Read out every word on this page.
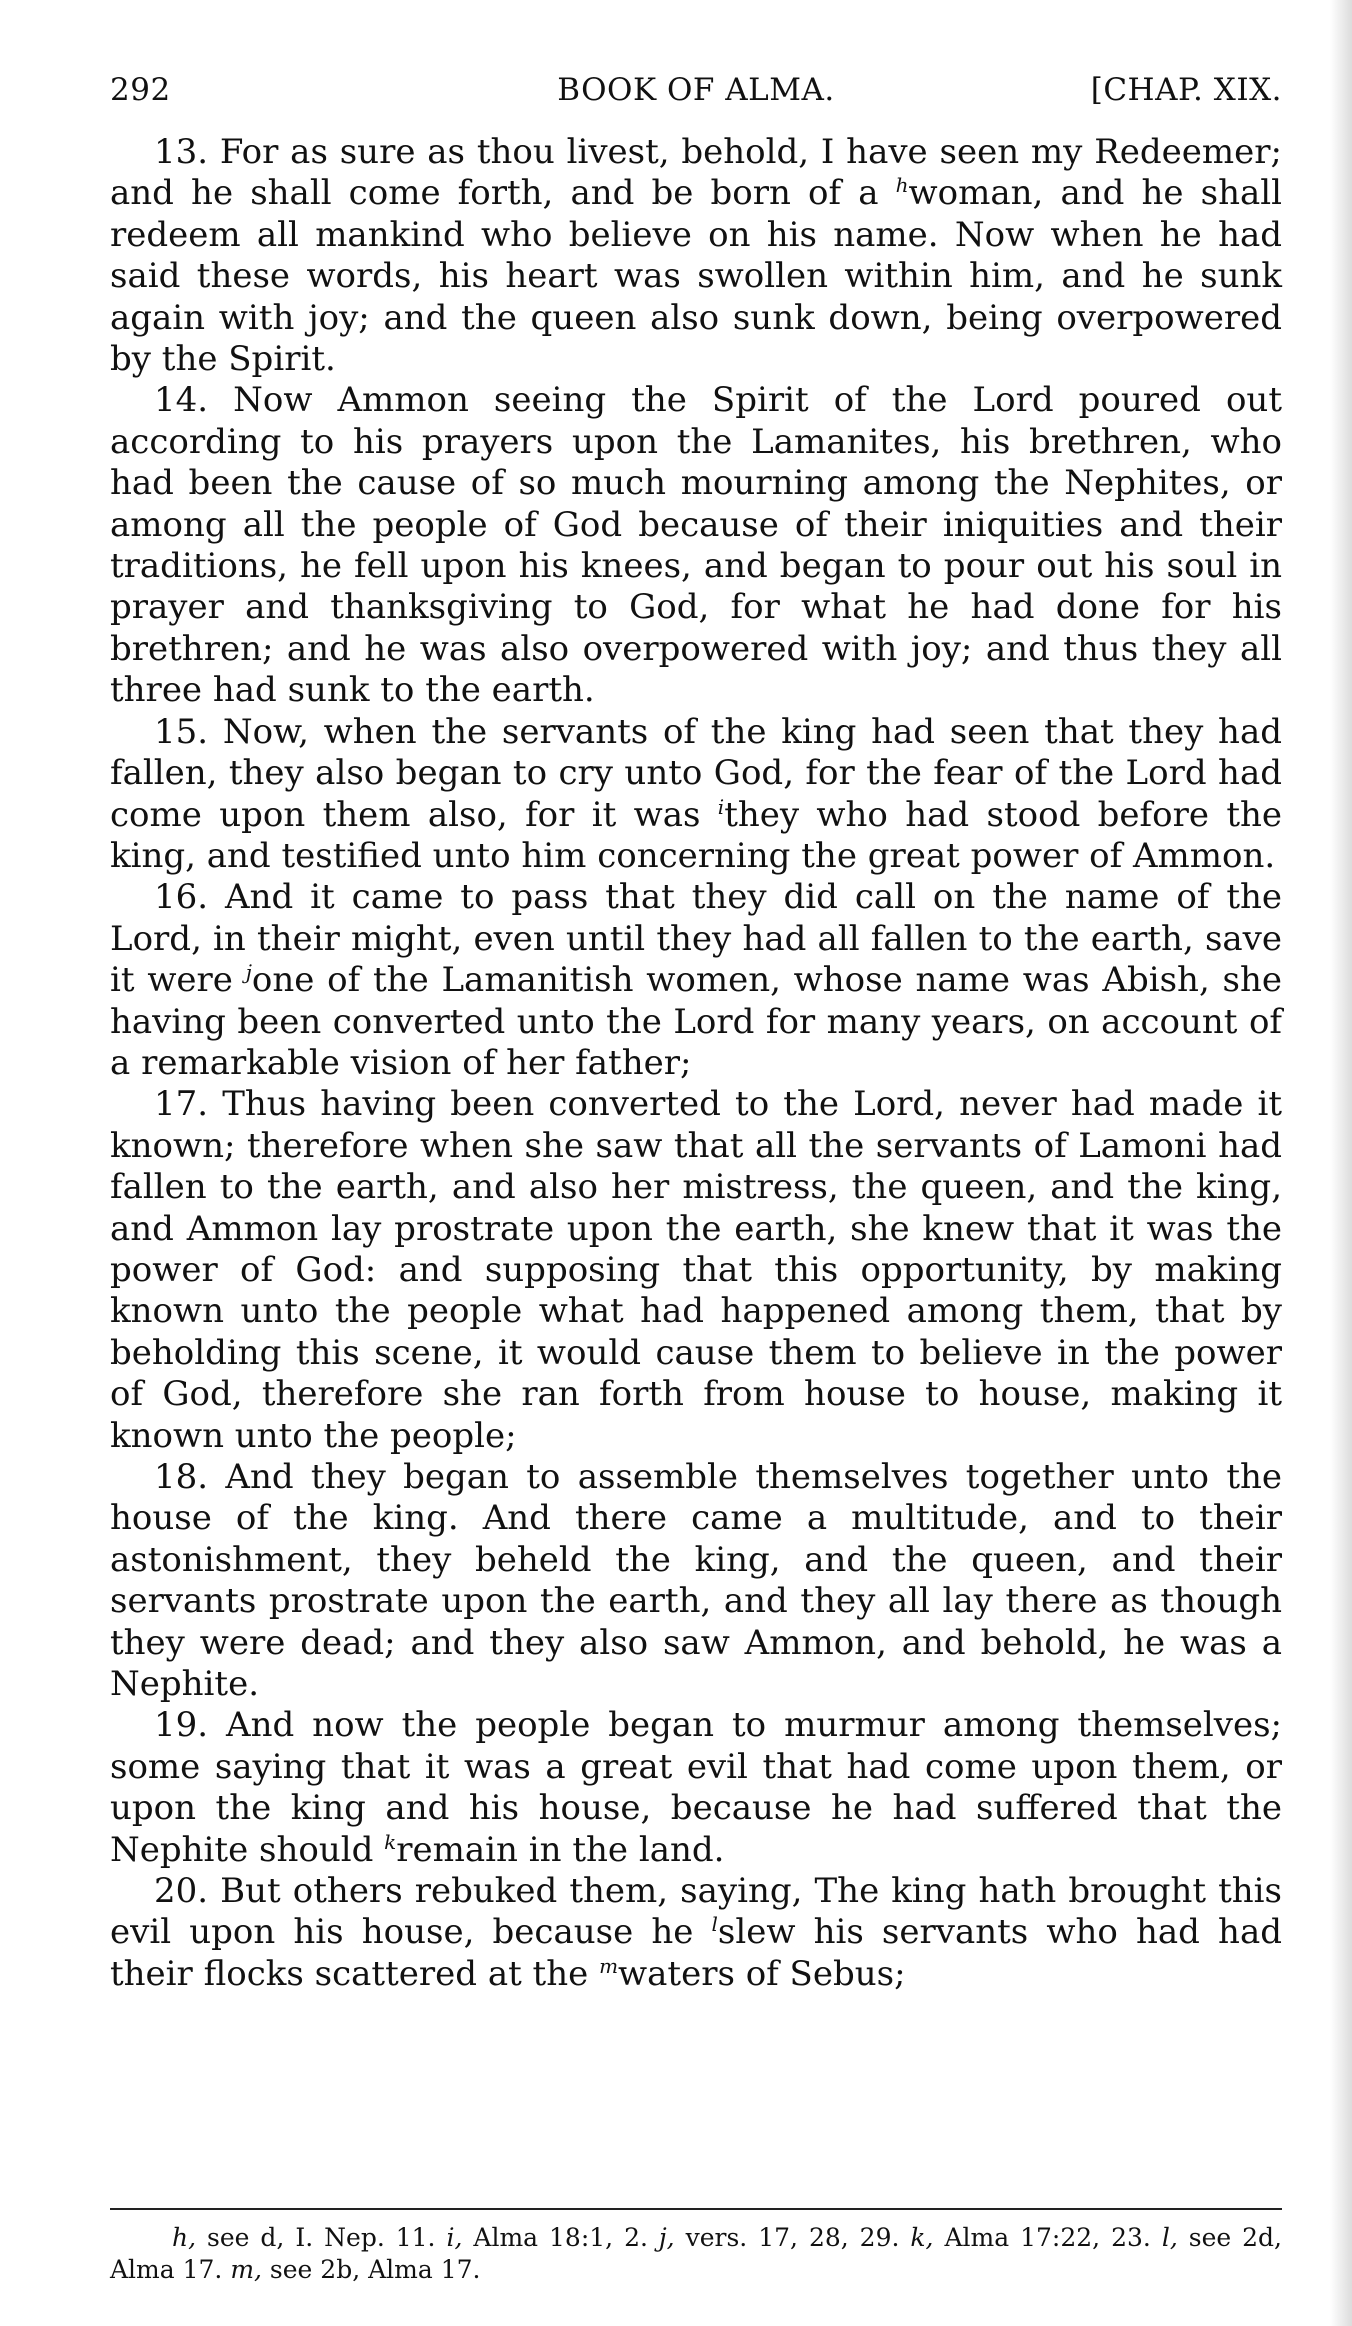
292	BOOK OF ALMA.	[CHAP. XIX.

13. For as sure as thou livest, behold, I have seen my Redeemer; and he shall come forth, and be born of a $^h$woman, and he shall redeem all mankind who believe on his name. Now when he had said these words, his heart was swollen within him, and he sunk again with joy; and the queen also sunk down, being overpowered by the Spirit.

14. Now Ammon seeing the Spirit of the Lord poured out according to his prayers upon the Lamanites, his brethren, who had been the cause of so much mourning among the Nephites, or among all the people of God because of their iniquities and their traditions, he fell upon his knees, and began to pour out his soul in prayer and thanksgiving to God, for what he had done for his brethren; and he was also overpowered with joy; and thus they all three had sunk to the earth.

15. Now, when the servants of the king had seen that they had fallen, they also began to cry unto God, for the fear of the Lord had come upon them also, for it was $^i$they who had stood before the king, and testified unto him concerning the great power of Ammon.

16. And it came to pass that they did call on the name of the Lord, in their might, even until they had all fallen to the earth, save it were $^j$one of the Lamanitish women, whose name was Abish, she having been converted unto the Lord for many years, on account of a remarkable vision of her father;

17. Thus having been converted to the Lord, never had made it known; therefore when she saw that all the servants of Lamoni had fallen to the earth, and also her mistress, the queen, and the king, and Ammon lay prostrate upon the earth, she knew that it was the power of God: and supposing that this opportunity, by making known unto the people what had happened among them, that by beholding this scene, it would cause them to believe in the power of God, therefore she ran forth from house to house, making it known unto the people;

18. And they began to assemble themselves together unto the house of the king. And there came a multitude, and to their astonishment, they beheld the king, and the queen, and their servants prostrate upon the earth, and they all lay there as though they were dead; and they also saw Ammon, and behold, he was a Nephite.

19. And now the people began to murmur among themselves; some saying that it was a great evil that had come upon them, or upon the king and his house, because he had suffered that the Nephite should $^k$remain in the land.

20. But others rebuked them, saying, The king hath brought this evil upon his house, because he $^l$slew his servants who had had their flocks scattered at the $^m$waters of Sebus;

h, see d, I. Nep. 11. i, Alma 18:1, 2. j, vers. 17, 28, 29. k, Alma 17:22, 23. l, see 2d, Alma 17. m, see 2b, Alma 17.
